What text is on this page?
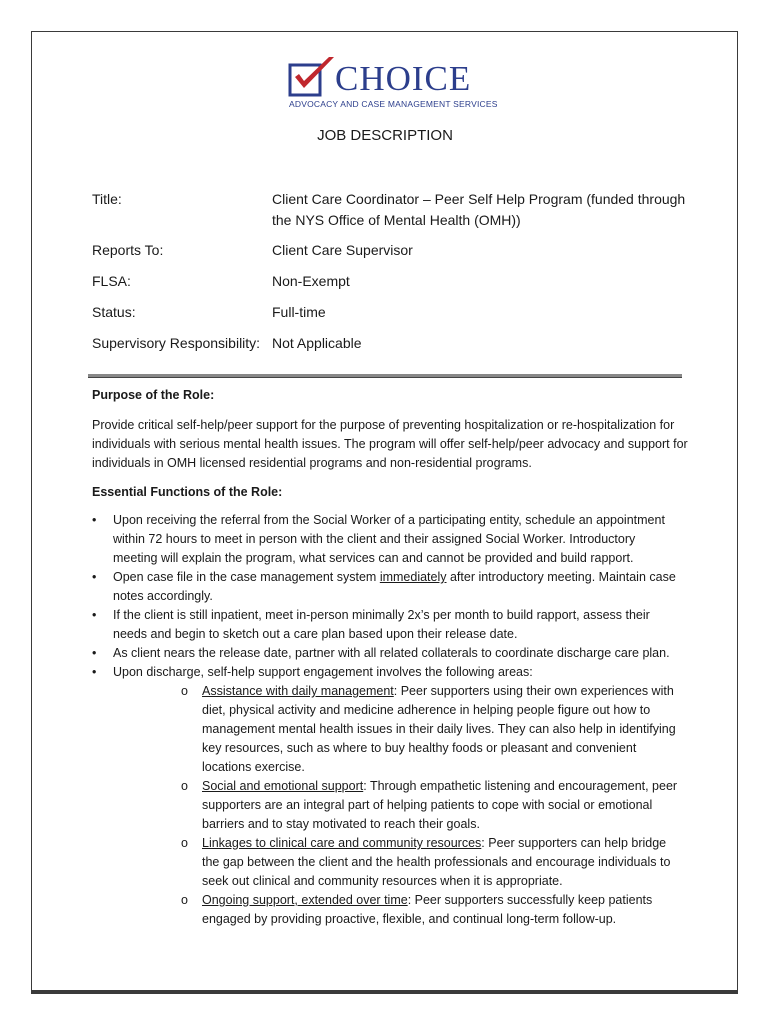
CHOICE
ADVOCACY AND CASE MANAGEMENT SERVICES
JOB DESCRIPTION
Title:	Client Care Coordinator – Peer Self Help Program (funded through the NYS Office of Mental Health (OMH))
Reports To:	Client Care Supervisor
FLSA:	Non-Exempt
Status:	Full-time
Supervisory Responsibility: Not Applicable
Purpose of the Role:
Provide critical self-help/peer support for the purpose of preventing hospitalization or re-hospitalization for individuals with serious mental health issues. The program will offer self-help/peer advocacy and support for individuals in OMH licensed residential programs and non-residential programs.
Essential Functions of the Role:
• Upon receiving the referral from the Social Worker of a participating entity, schedule an appointment within 72 hours to meet in person with the client and their assigned Social Worker. Introductory meeting will explain the program, what services can and cannot be provided and build rapport.
• Open case file in the case management system immediately after introductory meeting. Maintain case notes accordingly.
• If the client is still inpatient, meet in-person minimally 2x’s per month to build rapport, assess their needs and begin to sketch out a care plan based upon their release date.
• As client nears the release date, partner with all related collaterals to coordinate discharge care plan.
• Upon discharge, self-help support engagement involves the following areas:
o Assistance with daily management: Peer supporters using their own experiences with diet, physical activity and medicine adherence in helping people figure out how to management mental health issues in their daily lives. They can also help in identifying key resources, such as where to buy healthy foods or pleasant and convenient locations exercise.
o Social and emotional support: Through empathetic listening and encouragement, peer supporters are an integral part of helping patients to cope with social or emotional barriers and to stay motivated to reach their goals.
o Linkages to clinical care and community resources: Peer supporters can help bridge the gap between the client and the health professionals and encourage individuals to seek out clinical and community resources when it is appropriate.
o Ongoing support, extended over time: Peer supporters successfully keep patients engaged by providing proactive, flexible, and continual long-term follow-up.
